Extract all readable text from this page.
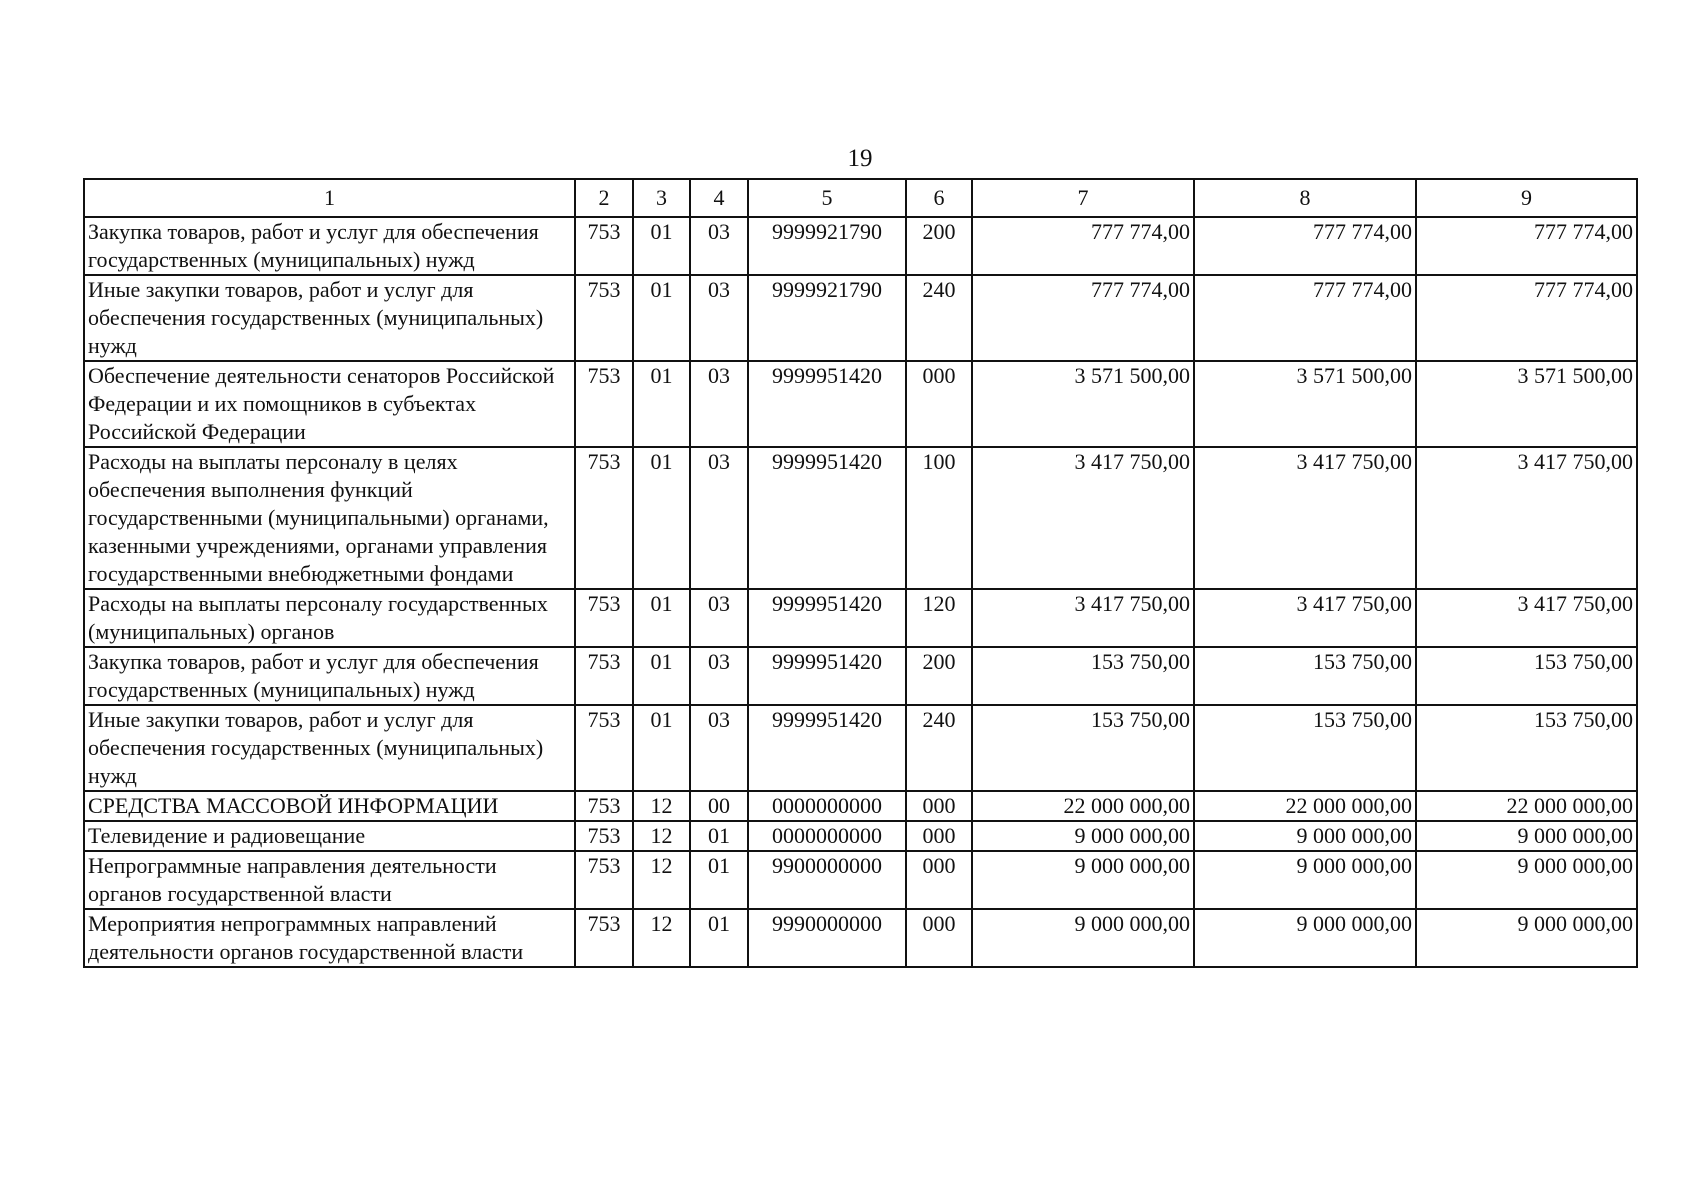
19
1	2	3	4	5	6	7	8	9
Закупка товаров, работ и услуг для обеспечения государственных (муниципальных) нужд	753	01	03	9999921790	200	777 774,00	777 774,00	777 774,00
Иные закупки товаров, работ и услуг для обеспечения государственных (муниципальных) нужд	753	01	03	9999921790	240	777 774,00	777 774,00	777 774,00
Обеспечение деятельности сенаторов Российской Федерации и их помощников в субъектах Российской Федерации	753	01	03	9999951420	000	3 571 500,00	3 571 500,00	3 571 500,00
Расходы на выплаты персоналу в целях обеспечения выполнения функций государственными (муниципальными) органами, казенными учреждениями, органами управления государственными внебюджетными фондами	753	01	03	9999951420	100	3 417 750,00	3 417 750,00	3 417 750,00
Расходы на выплаты персоналу государственных (муниципальных) органов	753	01	03	9999951420	120	3 417 750,00	3 417 750,00	3 417 750,00
Закупка товаров, работ и услуг для обеспечения государственных (муниципальных) нужд	753	01	03	9999951420	200	153 750,00	153 750,00	153 750,00
Иные закупки товаров, работ и услуг для обеспечения государственных (муниципальных) нужд	753	01	03	9999951420	240	153 750,00	153 750,00	153 750,00
СРЕДСТВА МАССОВОЙ ИНФОРМАЦИИ	753	12	00	0000000000	000	22 000 000,00	22 000 000,00	22 000 000,00
Телевидение и радиовещание	753	12	01	0000000000	000	9 000 000,00	9 000 000,00	9 000 000,00
Непрограммные направления деятельности органов государственной власти	753	12	01	9900000000	000	9 000 000,00	9 000 000,00	9 000 000,00
Мероприятия непрограммных направлений деятельности органов государственной власти	753	12	01	9990000000	000	9 000 000,00	9 000 000,00	9 000 000,00
